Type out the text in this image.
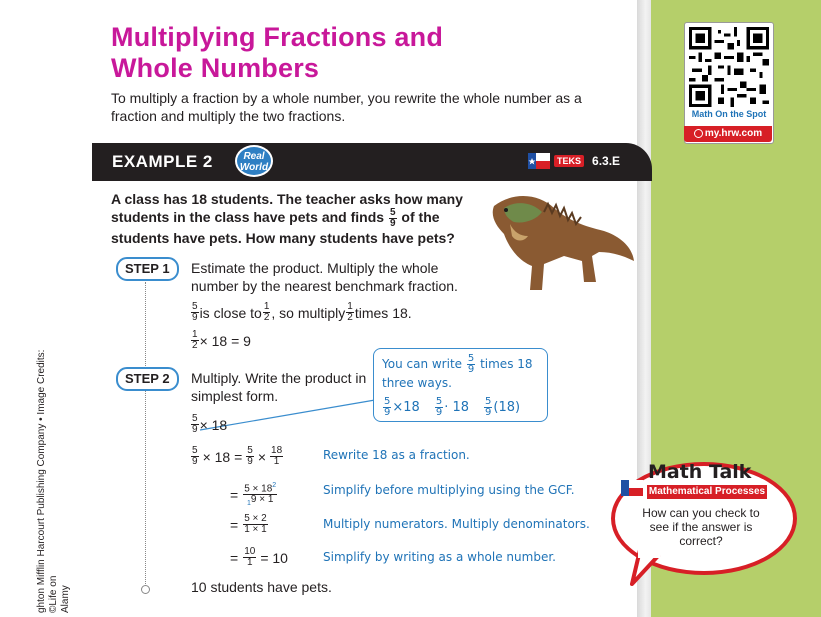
ghton Mifflin Harcourt Publishing Company • Image Credits: ©Life on
Alamy
Multiplying Fractions and
Whole Numbers

To multiply a fraction by a whole number, you rewrite the whole number as a fraction and multiply the two fractions.

EXAMPLE 2	Real
World
TEKS 6.3.E

A class has 18 students. The teacher asks how many students in the class have pets and finds $\frac{5}{9}$ of the students have pets. How many students have pets?

STEP 1	Estimate the product. Multiply the whole number by the nearest benchmark fraction.

$\frac{5}{9}$ is close to $\frac{1}{2}$ , so multiply $\frac{1}{2}$ times 18.
$\frac{1}{2} \times 18 = 9$
STEP 2	Multiply. Write the product in simplest form.

You can write $\frac{5}{9}$ times 18
three ways.
$\frac{5}{9} \times 18 \frac{5}{9} \cdot 18 \frac{5}{9} (18)$
$\frac{5}{9} \times 18$
$\frac{5}{9} \times 18 = \frac{5}{9} \times \frac{18}{1}$	Rewrite 18 as a fraction.
= $\frac{5 \times 18^2}{_19 \times 1}$	Simplify before multiplying using the GCF.
= $\frac{5 \times 2}{1 \times 1}$	Multiply numerators. Multiply denominators.
= $\frac{10}{1} = 10$	Simplify by writing as a whole number.

10 students have pets.

Math On the Spot
my.hrw.com
Math Talk
Mathematical Processes
How can you check to see if the answer is correct?
